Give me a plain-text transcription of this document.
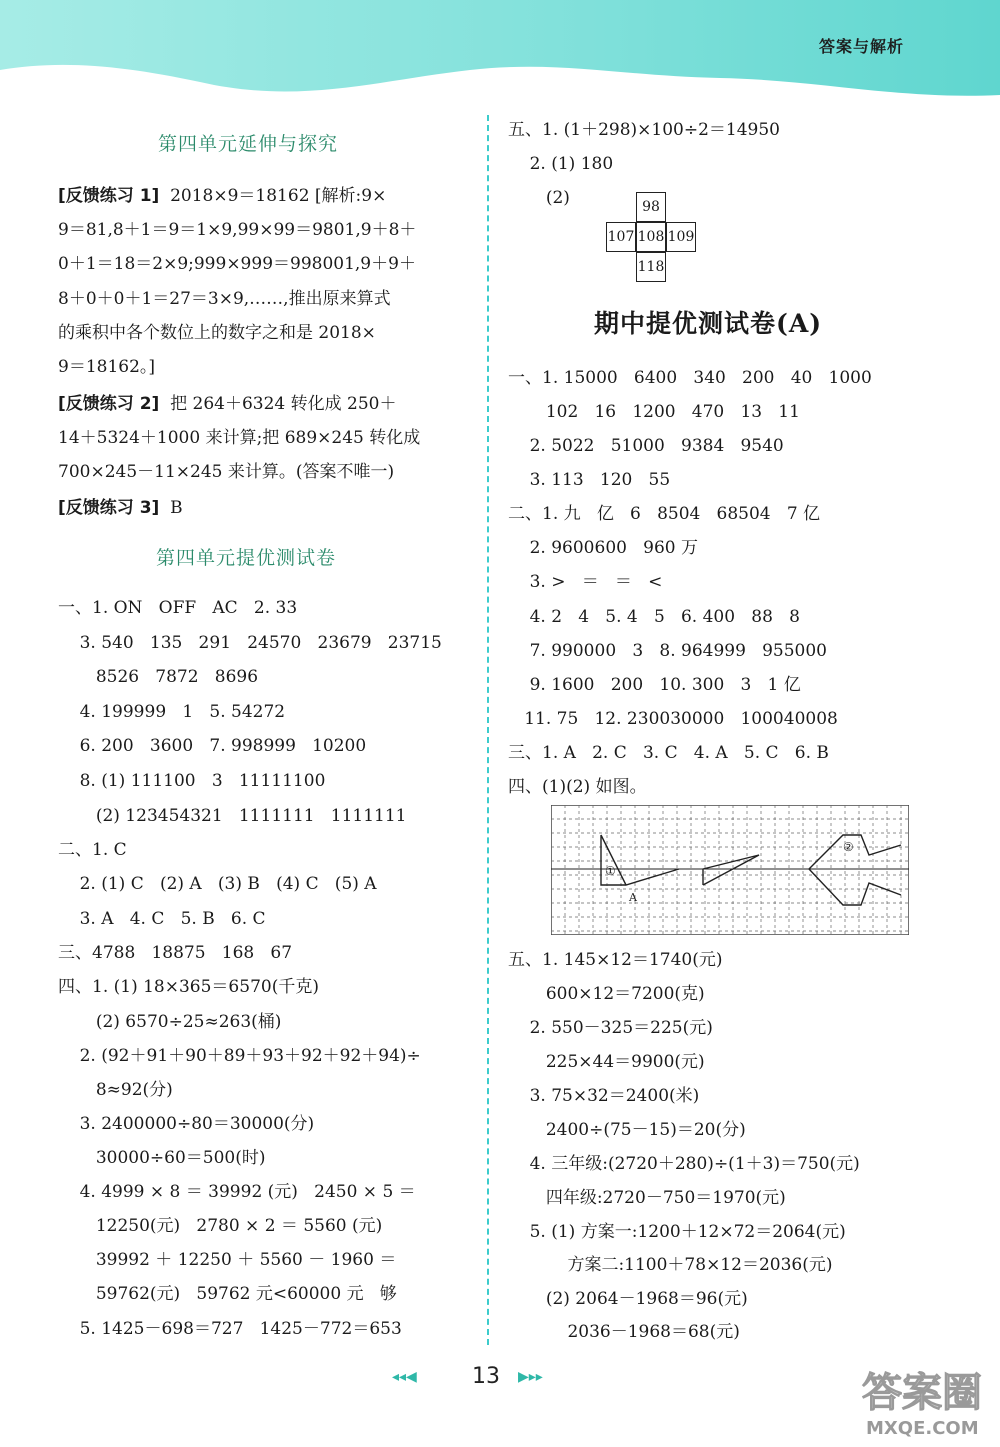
答案与解析
第四单元延伸与探究
[反馈练习 1]  2018×9＝18162 [解析:9×
9＝81,8＋1＝9＝1×9,99×99＝9801,9＋8＋
0＋1＝18＝2×9;999×999＝998001,9＋9＋
8＋0＋0＋1＝27＝3×9,……,推出原来算式
的乘积中各个数位上的数字之和是 2018×
9＝18162。]
[反馈练习 2]  把 264＋6324 转化成 250＋
14＋5324＋1000 来计算;把 689×245 转化成
700×245－11×245 来计算。(答案不唯一)
[反馈练习 3]  B
第四单元提优测试卷
一、1. ON   OFF   AC   2. 33
3. 540   135   291   24570   23679   23715
8526   7872   8696
4. 199999   1   5. 54272
6. 200   3600   7. 998999   10200
8. (1) 111100   3   11111100
(2) 123454321   1111111   1111111
二、1. C
2. (1) C   (2) A   (3) B   (4) C   (5) A
3. A   4. C   5. B   6. C
三、4788   18875   168   67
四、1. (1) 18×365＝6570(千克)
(2) 6570÷25≈263(桶)
2. (92＋91＋90＋89＋93＋92＋92＋94)÷
8≈92(分)
3. 2400000÷80＝30000(分)
30000÷60＝500(时)
4. 4999 × 8 ＝ 39992 (元)   2450 × 5 ＝
12250(元)   2780 × 2 ＝ 5560 (元)
39992 ＋ 12250 ＋ 5560 － 1960 ＝
59762(元)   59762 元<60000 元   够
5. 1425－698＝727   1425－772＝653
五、1. (1＋298)×100÷2＝14950
2. (1) 180
(2)	98
107 108 109
118
期中提优测试卷(A)
一、1. 15000   6400   340   200   40   1000
102   16   1200   470   13   11
2. 5022   51000   9384   9540
3. 113   120   55
二、1. 九   亿   6   8504   68504   7 亿
2. 9600600   960 万
3. >   ＝   ＝   <
4. 2   4   5. 4   5   6. 400   88   8
7. 990000   3   8. 964999   955000
9. 1600   200   10. 300   3   1 亿
11. 75   12. 230030000   100040008
三、1. A   2. C   3. C   4. A   5. C   6. B
四、(1)(2) 如图。
①
A
②
五、1. 145×12＝1740(元)
600×12＝7200(克)
2. 550－325＝225(元)
225×44＝9900(元)
3. 75×32＝2400(米)
2400÷(75－15)＝20(分)
4. 三年级:(2720＋280)÷(1＋3)＝750(元)
四年级:2720－750＝1970(元)
5. (1) 方案一:1200＋12×72＝2064(元)
方案二:1100＋78×12＝2036(元)
(2) 2064－1968＝96(元)
2036－1968＝68(元)
◂◂◀	13 ▶▸▸	答案圈
MXQE.COM
